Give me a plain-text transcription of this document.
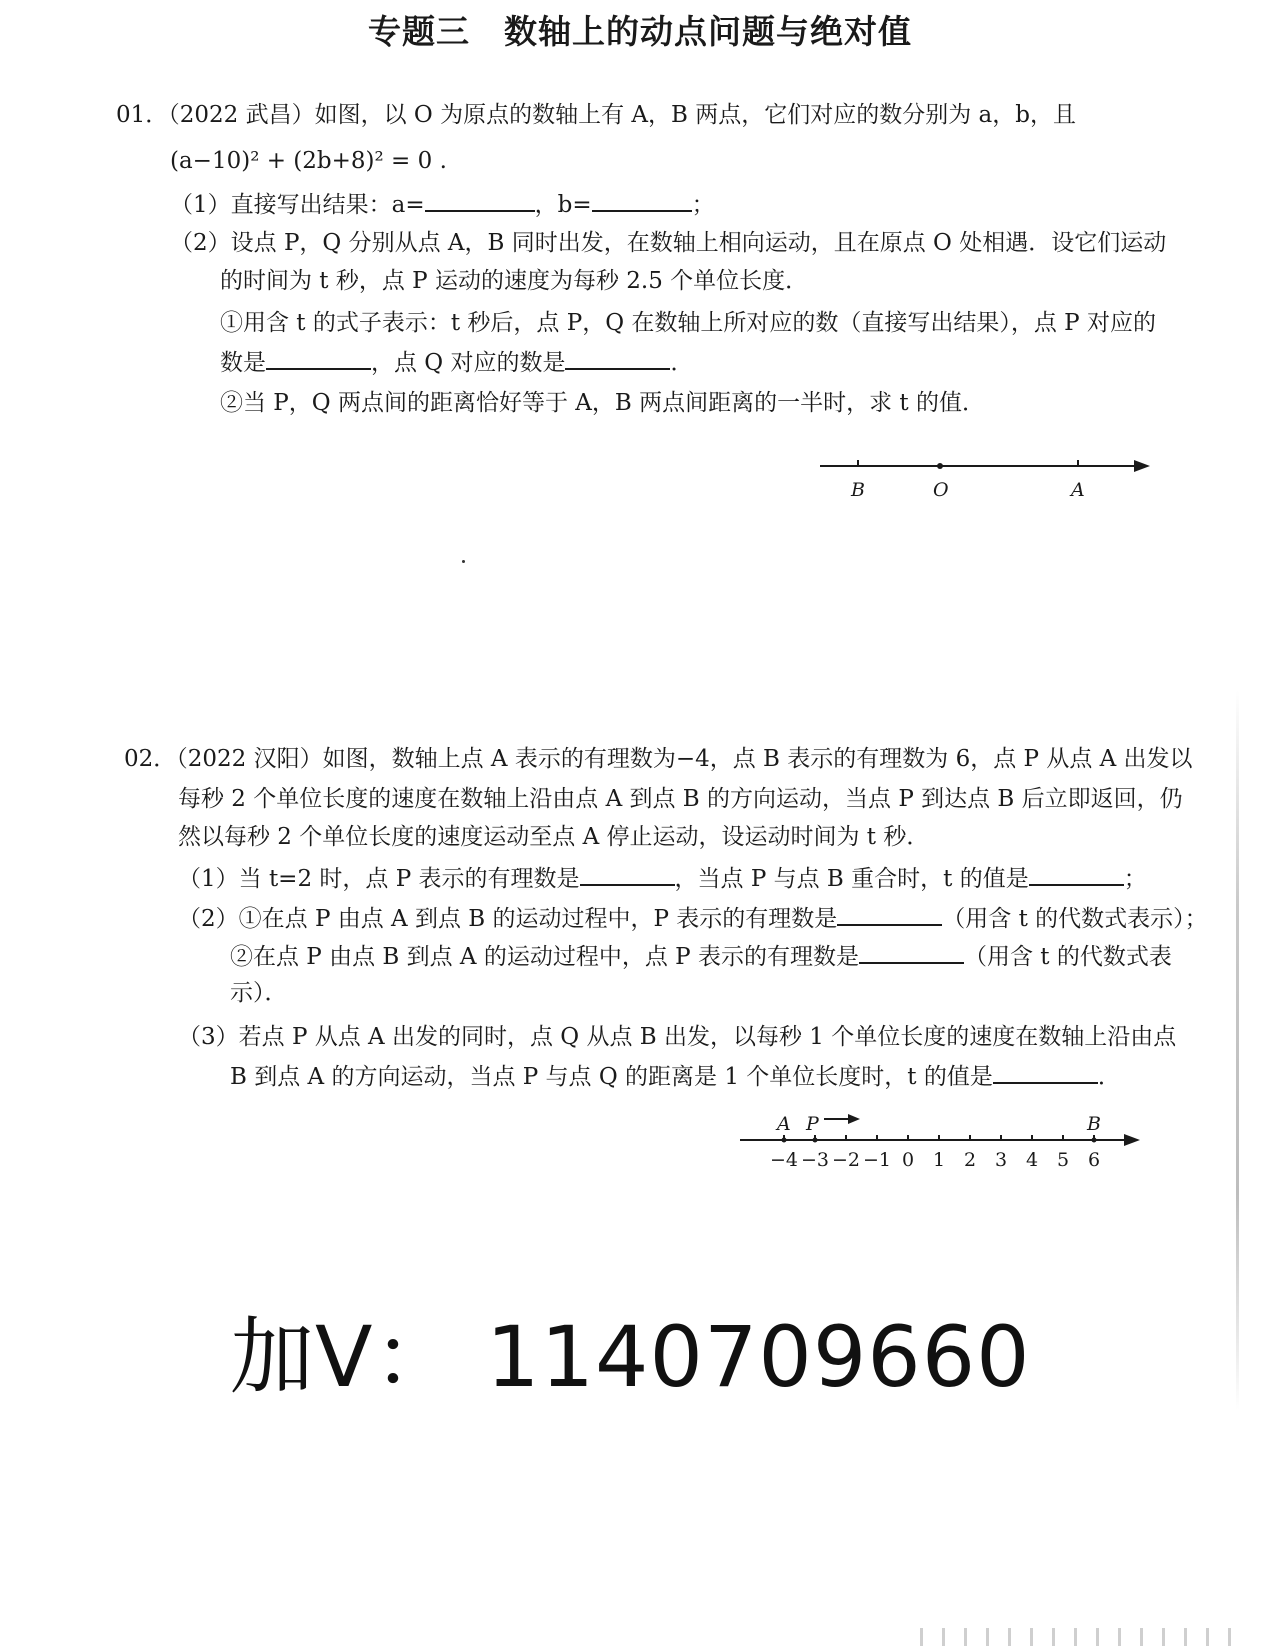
专题三　数轴上的动点问题与绝对值
01．（2022 武昌）如图，以 O 为原点的数轴上有 A，B 两点，它们对应的数分别为 a，b，且
(a−10)² + (2b+8)² = 0 .
（1）直接写出结果：a=	，b=	；
（2）设点 P，Q 分别从点 A，B 同时出发，在数轴上相向运动，且在原点 O 处相遇．设它们运动
的时间为 t 秒，点 P 运动的速度为每秒 2.5 个单位长度．
①用含 t 的式子表示：t 秒后，点 P，Q 在数轴上所对应的数（直接写出结果），点 P 对应的
数是	，点 Q 对应的数是	．
②当 P，Q 两点间的距离恰好等于 A，B 两点间距离的一半时，求 t 的值．
B	O	A
02．（2022 汉阳）如图，数轴上点 A 表示的有理数为−4，点 B 表示的有理数为 6，点 P 从点 A 出发以
每秒 2 个单位长度的速度在数轴上沿由点 A 到点 B 的方向运动，当点 P 到达点 B 后立即返回，仍
然以每秒 2 个单位长度的速度运动至点 A 停止运动，设运动时间为 t 秒．
（1）当 t=2 时，点 P 表示的有理数是	，当点 P 与点 B 重合时，t 的值是	；
（2）①在点 P 由点 A 到点 B 的运动过程中，P 表示的有理数是	（用含 t 的代数式表示）；
②在点 P 由点 B 到点 A 的运动过程中，点 P 表示的有理数是	（用含 t 的代数式表
示）．
（3）若点 P 从点 A 出发的同时，点 Q 从点 B 出发，以每秒 1 个单位长度的速度在数轴上沿由点
B 到点 A 的方向运动，当点 P 与点 Q 的距离是 1 个单位长度时，t 的值是	．
A P	B
−4 −3 −2 −1 0 1 2 3 4 5 6
加V： 1140709660
